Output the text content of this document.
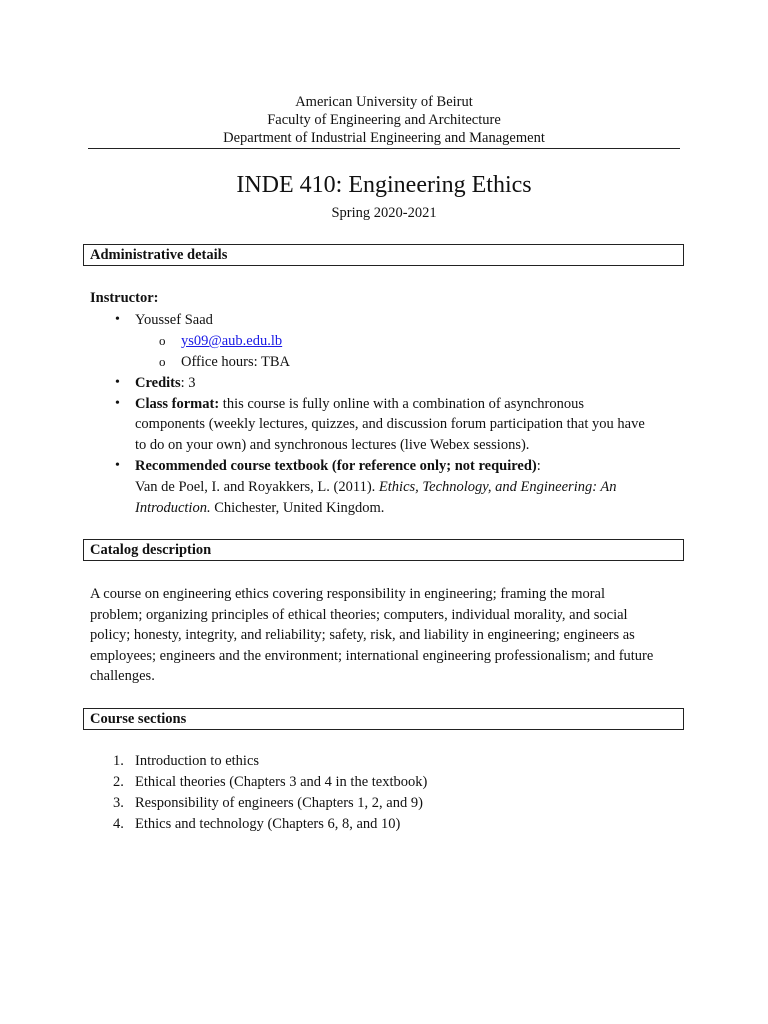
American University of Beirut
Faculty of Engineering and Architecture
Department of Industrial Engineering and Management
INDE 410: Engineering Ethics
Spring 2020-2021
Administrative details
Instructor:
• Youssef Saad
o ys09@aub.edu.lb
o Office hours: TBA
• Credits: 3
• Class format: this course is fully online with a combination of asynchronous
components (weekly lectures, quizzes, and discussion forum participation that you have
to do on your own) and synchronous lectures (live Webex sessions).
• Recommended course textbook (for reference only; not required):
Van de Poel, I. and Royakkers, L. (2011). Ethics, Technology, and Engineering: An
Introduction. Chichester, United Kingdom.
Catalog description
A course on engineering ethics covering responsibility in engineering; framing the moral
problem; organizing principles of ethical theories; computers, individual morality, and social
policy; honesty, integrity, and reliability; safety, risk, and liability in engineering; engineers as
employees; engineers and the environment; international engineering professionalism; and future
challenges.
Course sections
1. Introduction to ethics
2. Ethical theories (Chapters 3 and 4 in the textbook)
3. Responsibility of engineers (Chapters 1, 2, and 9)
4. Ethics and technology (Chapters 6, 8, and 10)
